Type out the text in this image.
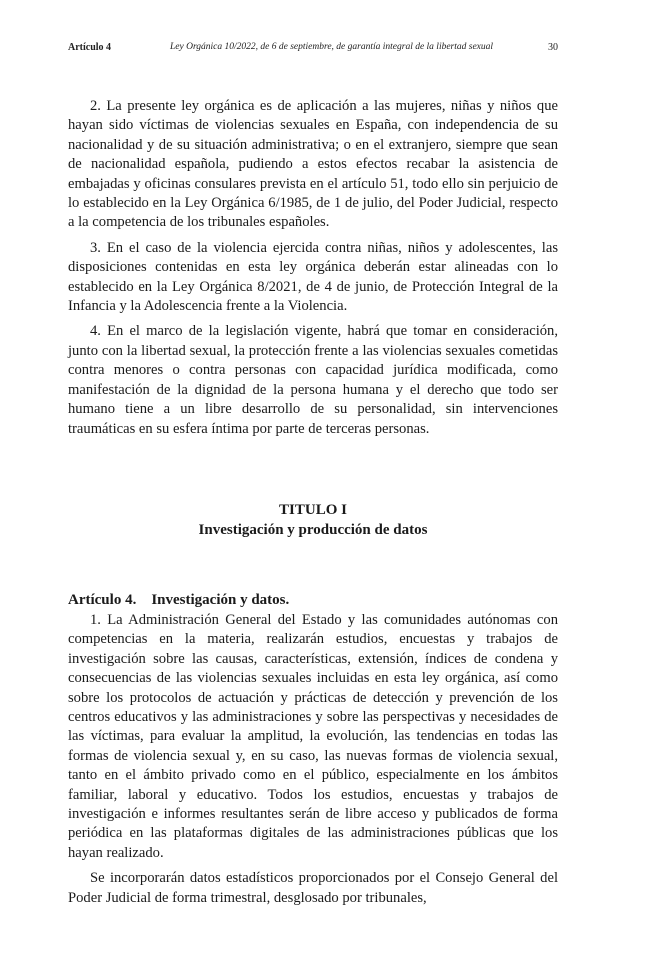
Artículo 4	Ley Orgánica 10/2022, de 6 de septiembre, de garantía integral de la libertad sexual	30

2. La presente ley orgánica es de aplicación a las mujeres, niñas y niños que hayan sido víctimas de violencias sexuales en España, con independencia de su nacionalidad y de su situación administrativa; o en el extranjero, siempre que sean de nacionalidad española, pudiendo a estos efectos recabar la asistencia de embajadas y oficinas consulares prevista en el artículo 51, todo ello sin perjuicio de lo establecido en la Ley Orgánica 6/1985, de 1 de julio, del Poder Judicial, respecto a la competencia de los tribunales españoles.

3. En el caso de la violencia ejercida contra niñas, niños y adolescentes, las disposiciones contenidas en esta ley orgánica deberán estar alineadas con lo establecido en la Ley Orgánica 8/2021, de 4 de junio, de Protección Integral de la Infancia y la Adolescencia frente a la Violencia.

4. En el marco de la legislación vigente, habrá que tomar en consideración, junto con la libertad sexual, la protección frente a las violencias sexuales cometidas contra menores o contra personas con capacidad jurídica modificada, como manifestación de la dignidad de la persona humana y el derecho que todo ser humano tiene a un libre desarrollo de su personalidad, sin intervenciones traumáticas en su esfera íntima por parte de terceras personas.

TITULO I
Investigación y producción de datos
Artículo 4.    Investigación y datos.

1. La Administración General del Estado y las comunidades autónomas con competencias en la materia, realizarán estudios, encuestas y trabajos de investigación sobre las causas, características, extensión, índices de condena y consecuencias de las violencias sexuales incluidas en esta ley orgánica, así como sobre los protocolos de actuación y prácticas de detección y prevención de los centros educativos y las administraciones y sobre las perspectivas y necesidades de las víctimas, para evaluar la amplitud, la evolución, las tendencias en todas las formas de violencia sexual y, en su caso, las nuevas formas de violencia sexual, tanto en el ámbito privado como en el público, especialmente en los ámbitos familiar, laboral y educativo. Todos los estudios, encuestas y trabajos de investigación e informes resultantes serán de libre acceso y publicados de forma periódica en las plataformas digitales de las administraciones públicas que los hayan realizado.

Se incorporarán datos estadísticos proporcionados por el Consejo General del Poder Judicial de forma trimestral, desglosado por tribunales,
